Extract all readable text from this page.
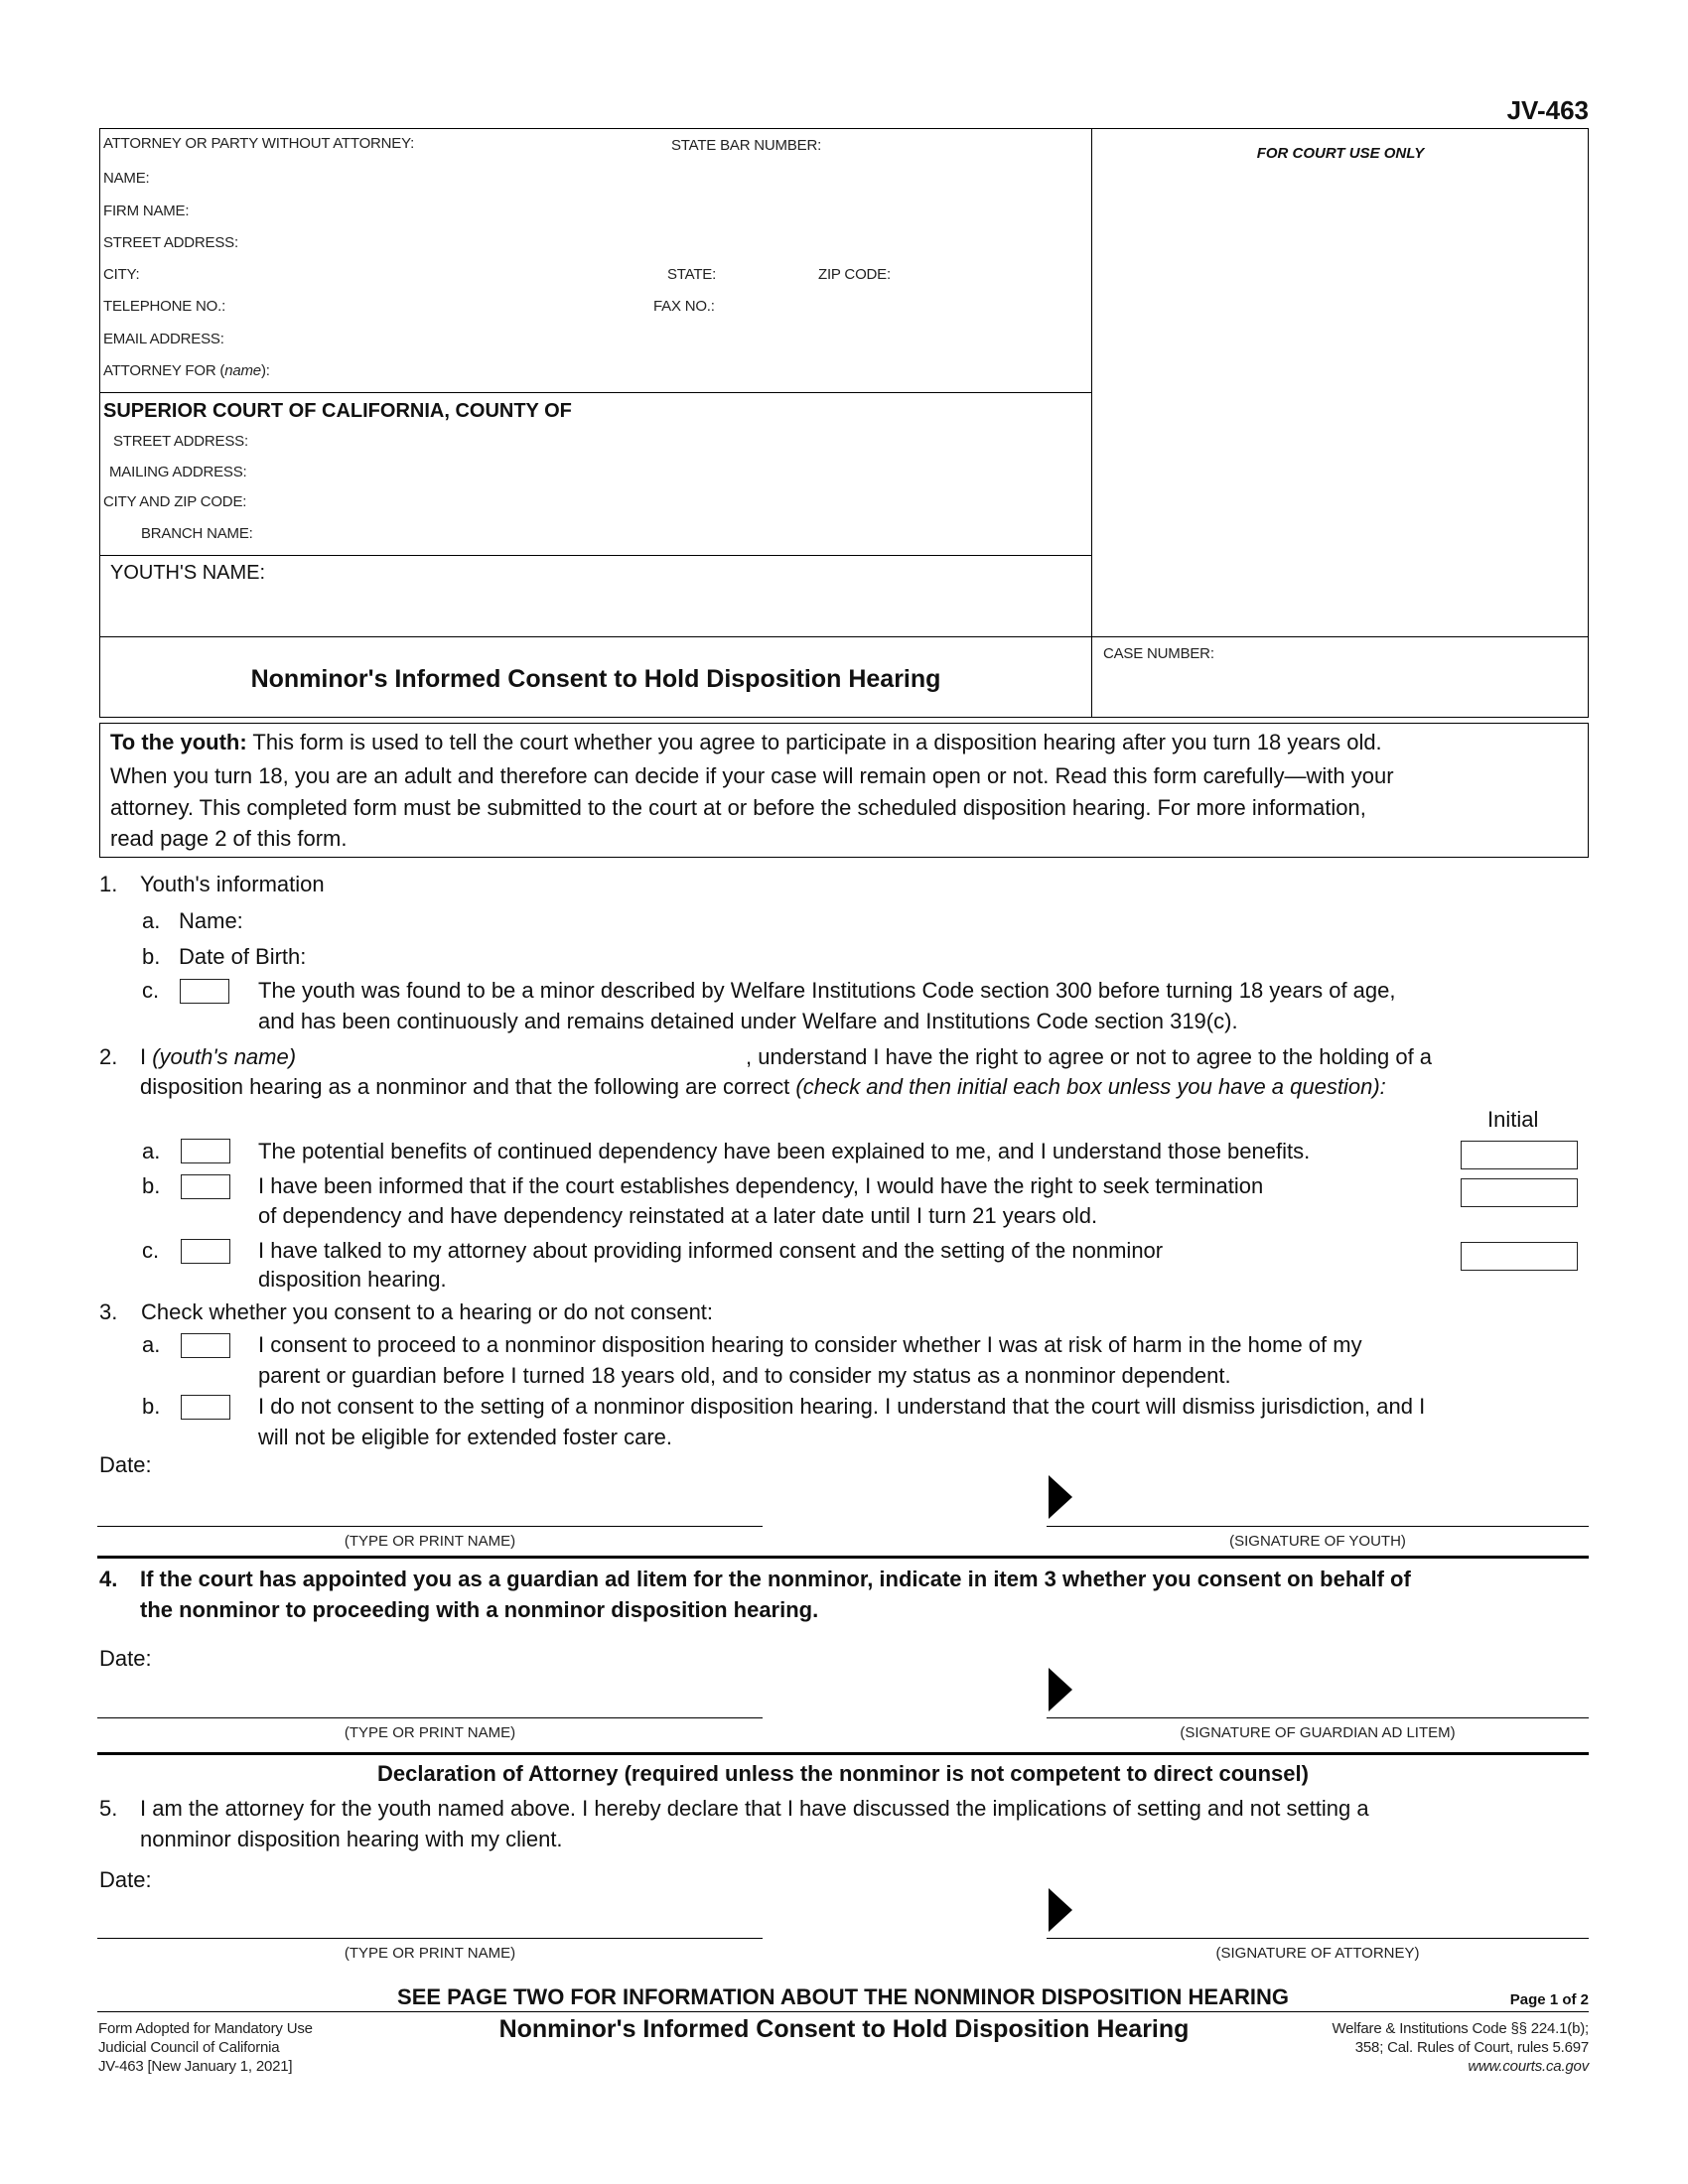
JV-463
ATTORNEY OR PARTY WITHOUT ATTORNEY:	STATE BAR NUMBER:
NAME:
FIRM NAME:
STREET ADDRESS:
CITY:	STATE:	ZIP CODE:
TELEPHONE NO.:	FAX NO.:
EMAIL ADDRESS:
ATTORNEY FOR (name):
FOR COURT USE ONLY
SUPERIOR COURT OF CALIFORNIA, COUNTY OF
STREET ADDRESS:
MAILING ADDRESS:
CITY AND ZIP CODE:
BRANCH NAME:
YOUTH'S NAME:
Nonminor's Informed Consent to Hold Disposition Hearing
CASE NUMBER:
To the youth: This form is used to tell the court whether you agree to participate in a disposition hearing after you turn 18 years old.
When you turn 18, you are an adult and therefore can decide if your case will remain open or not. Read this form carefully—with your
attorney. This completed form must be submitted to the court at or before the scheduled disposition hearing. For more information,
read page 2 of this form.
1. Youth's information
a. Name:
b. Date of Birth:
c.	The youth was found to be a minor described by Welfare Institutions Code section 300 before turning 18 years of age,
and has been continuously and remains detained under Welfare and Institutions Code section 319(c).
2. I (youth's name)	, understand I have the right to agree or not to agree to the holding of a
disposition hearing as a nonminor and that the following are correct (check and then initial each box unless you have a question):
Initial
a.	The potential benefits of continued dependency have been explained to me, and I understand those benefits.
b.	I have been informed that if the court establishes dependency, I would have the right to seek termination
of dependency and have dependency reinstated at a later date until I turn 21 years old.
c.	I have talked to my attorney about providing informed consent and the setting of the nonminor
disposition hearing.
3. Check whether you consent to a hearing or do not consent:
a.	I consent to proceed to a nonminor disposition hearing to consider whether I was at risk of harm in the home of my
parent or guardian before I turned 18 years old, and to consider my status as a nonminor dependent.
b.	I do not consent to the setting of a nonminor disposition hearing. I understand that the court will dismiss jurisdiction, and I
will not be eligible for extended foster care.
Date:
(TYPE OR PRINT NAME)	(SIGNATURE OF YOUTH)
4. If the court has appointed you as a guardian ad litem for the nonminor, indicate in item 3 whether you consent on behalf of
the nonminor to proceeding with a nonminor disposition hearing.
Date:
(TYPE OR PRINT NAME)	(SIGNATURE OF GUARDIAN AD LITEM)
Declaration of Attorney (required unless the nonminor is not competent to direct counsel)
5. I am the attorney for the youth named above. I hereby declare that I have discussed the implications of setting and not setting a
nonminor disposition hearing with my client.
Date:
(TYPE OR PRINT NAME)	(SIGNATURE OF ATTORNEY)
SEE PAGE TWO FOR INFORMATION ABOUT THE NONMINOR DISPOSITION HEARING	Page 1 of 2
Form Adopted for Mandatory Use
Judicial Council of California
JV-463 [New January 1, 2021]
Nonminor's Informed Consent to Hold Disposition Hearing	Welfare & Institutions Code §§ 224.1(b);
358; Cal. Rules of Court, rules 5.697
www.courts.ca.gov
